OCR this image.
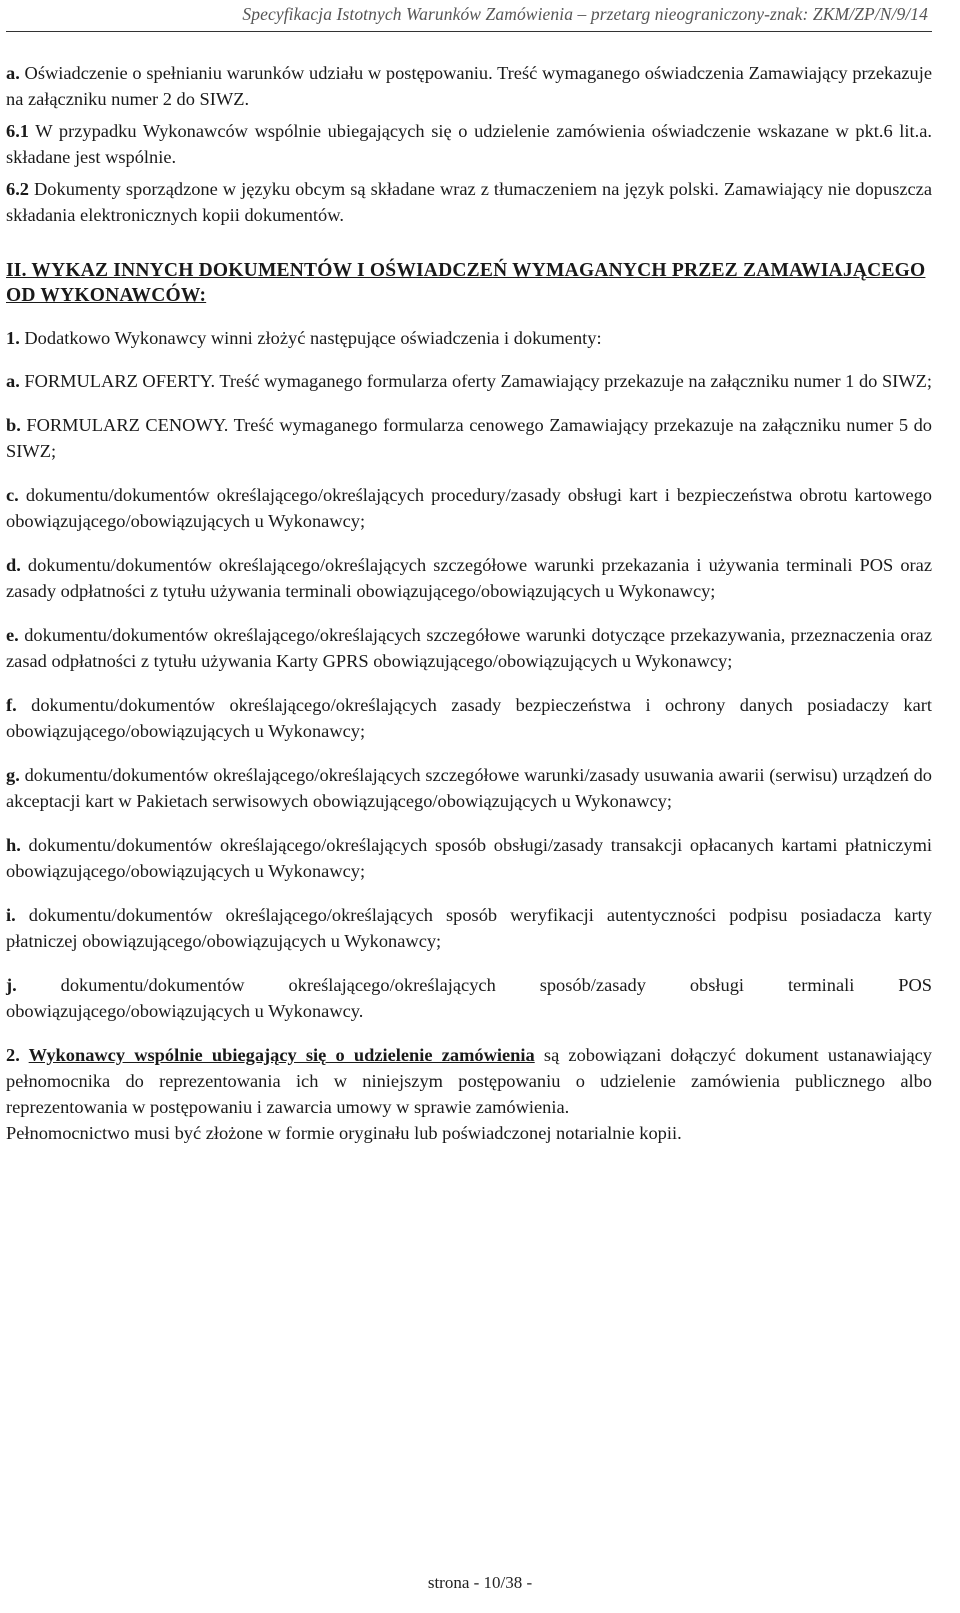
Specyfikacja Istotnych Warunków Zamówienia – przetarg nieograniczony-znak: ZKM/ZP/N/9/14

a. Oświadczenie o spełnianiu warunków udziału w postępowaniu. Treść wymaganego oświadczenia Zamawiający przekazuje na załączniku numer 2 do SIWZ.

6.1 W przypadku Wykonawców wspólnie ubiegających się o udzielenie zamówienia oświadczenie wskazane w pkt.6 lit.a. składane jest wspólnie.

6.2 Dokumenty sporządzone w języku obcym są składane wraz z tłumaczeniem na język polski. Zamawiający nie dopuszcza składania elektronicznych kopii dokumentów.

II. WYKAZ INNYCH DOKUMENTÓW I OŚWIADCZEŃ WYMAGANYCH PRZEZ ZAMAWIAJĄCEGO OD WYKONAWCÓW:

1. Dodatkowo Wykonawcy winni złożyć następujące oświadczenia i dokumenty:

a. FORMULARZ OFERTY. Treść wymaganego formularza oferty Zamawiający przekazuje na załączniku numer 1 do SIWZ;

b. FORMULARZ CENOWY. Treść wymaganego formularza cenowego Zamawiający przekazuje na załączniku numer 5 do SIWZ;

c. dokumentu/dokumentów określającego/określających procedury/zasady obsługi kart i bezpieczeństwa obrotu kartowego obowiązującego/obowiązujących u Wykonawcy;

d. dokumentu/dokumentów określającego/określających szczegółowe warunki przekazania i używania terminali POS oraz zasady odpłatności z tytułu używania terminali obowiązującego/obowiązujących u Wykonawcy;

e. dokumentu/dokumentów określającego/określających szczegółowe warunki dotyczące przekazywania, przeznaczenia oraz zasad odpłatności z tytułu używania Karty GPRS obowiązującego/obowiązujących u Wykonawcy;

f. dokumentu/dokumentów określającego/określających zasady bezpieczeństwa i ochrony danych posiadaczy kart obowiązującego/obowiązujących u Wykonawcy;

g. dokumentu/dokumentów określającego/określających szczegółowe warunki/zasady usuwania awarii (serwisu) urządzeń do akceptacji kart w Pakietach serwisowych obowiązującego/obowiązujących u Wykonawcy;

h. dokumentu/dokumentów określającego/określających sposób obsługi/zasady transakcji opłacanych kartami płatniczymi obowiązującego/obowiązujących u Wykonawcy;

i. dokumentu/dokumentów określającego/określających sposób weryfikacji autentyczności podpisu posiadacza karty płatniczej obowiązującego/obowiązujących u Wykonawcy;

j. dokumentu/dokumentów określającego/określających sposób/zasady obsługi terminali POS obowiązującego/obowiązujących u Wykonawcy.

2. Wykonawcy wspólnie ubiegający się o udzielenie zamówienia są zobowiązani dołączyć dokument ustanawiający pełnomocnika do reprezentowania ich w niniejszym postępowaniu o udzielenie zamówienia publicznego albo reprezentowania w postępowaniu i zawarcia umowy w sprawie zamówienia.

Pełnomocnictwo musi być złożone w formie oryginału lub poświadczonej notarialnie kopii.

strona - 10/38 -
